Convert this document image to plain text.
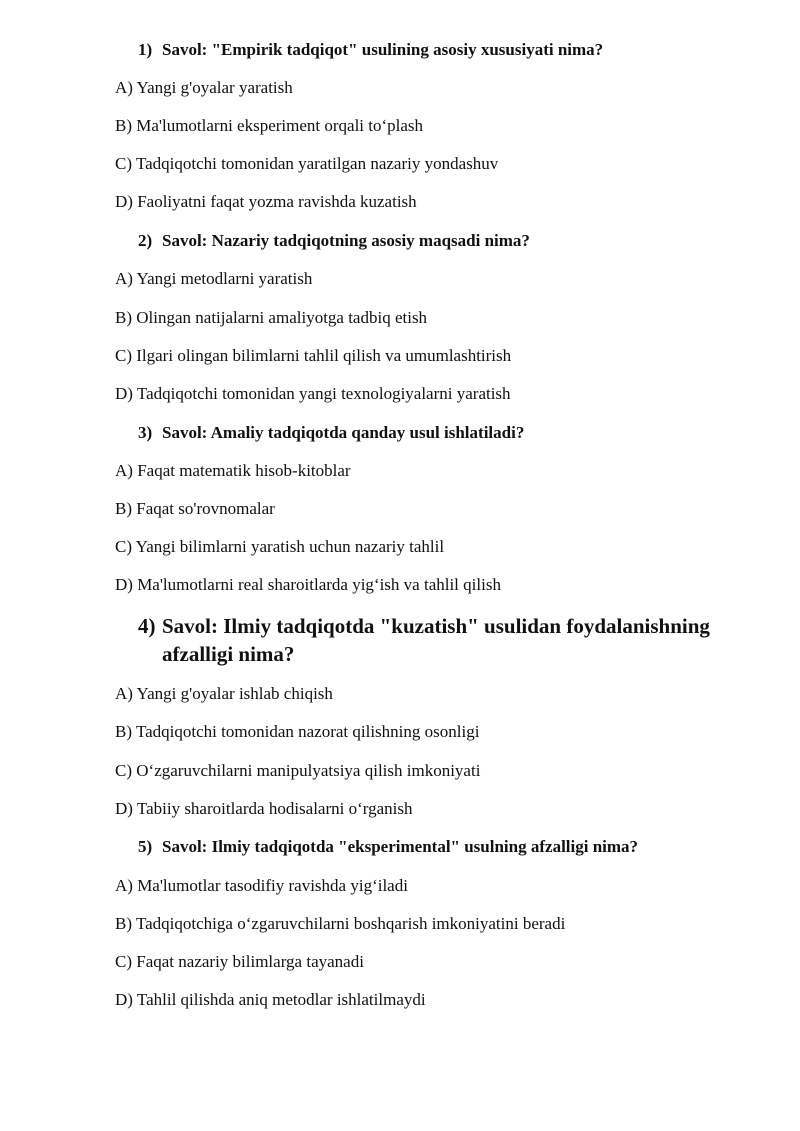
1) Savol: "Empirik tadqiqot" usulining asosiy xususiyati nima?
A) Yangi g'oyalar yaratish
B) Ma'lumotlarni eksperiment orqali to‘plash
C) Tadqiqotchi tomonidan yaratilgan nazariy yondashuv
D) Faoliyatni faqat yozma ravishda kuzatish
2) Savol: Nazariy tadqiqotning asosiy maqsadi nima?
A) Yangi metodlarni yaratish
B) Olingan natijalarni amaliyotga tadbiq etish
C) Ilgari olingan bilimlarni tahlil qilish va umumlashtirish
D) Tadqiqotchi tomonidan yangi texnologiyalarni yaratish
3) Savol: Amaliy tadqiqotda qanday usul ishlatiladi?
A) Faqat matematik hisob-kitoblar
B) Faqat so'rovnomalar
C) Yangi bilimlarni yaratish uchun nazariy tahlil
D) Ma'lumotlarni real sharoitlarda yig‘ish va tahlil qilish
4) Savol: Ilmiy tadqiqotda "kuzatish" usulidan foydalanishning
afzalligi nima?
A) Yangi g'oyalar ishlab chiqish
B) Tadqiqotchi tomonidan nazorat qilishning osonligi
C) O‘zgaruvchilarni manipulyatsiya qilish imkoniyati
D) Tabiiy sharoitlarda hodisalarni o‘rganish
5) Savol: Ilmiy tadqiqotda "eksperimental" usulning afzalligi nima?
A) Ma'lumotlar tasodifiy ravishda yig‘iladi
B) Tadqiqotchiga o‘zgaruvchilarni boshqarish imkoniyatini beradi
C) Faqat nazariy bilimlarga tayanadi
D) Tahlil qilishda aniq metodlar ishlatilmaydi
